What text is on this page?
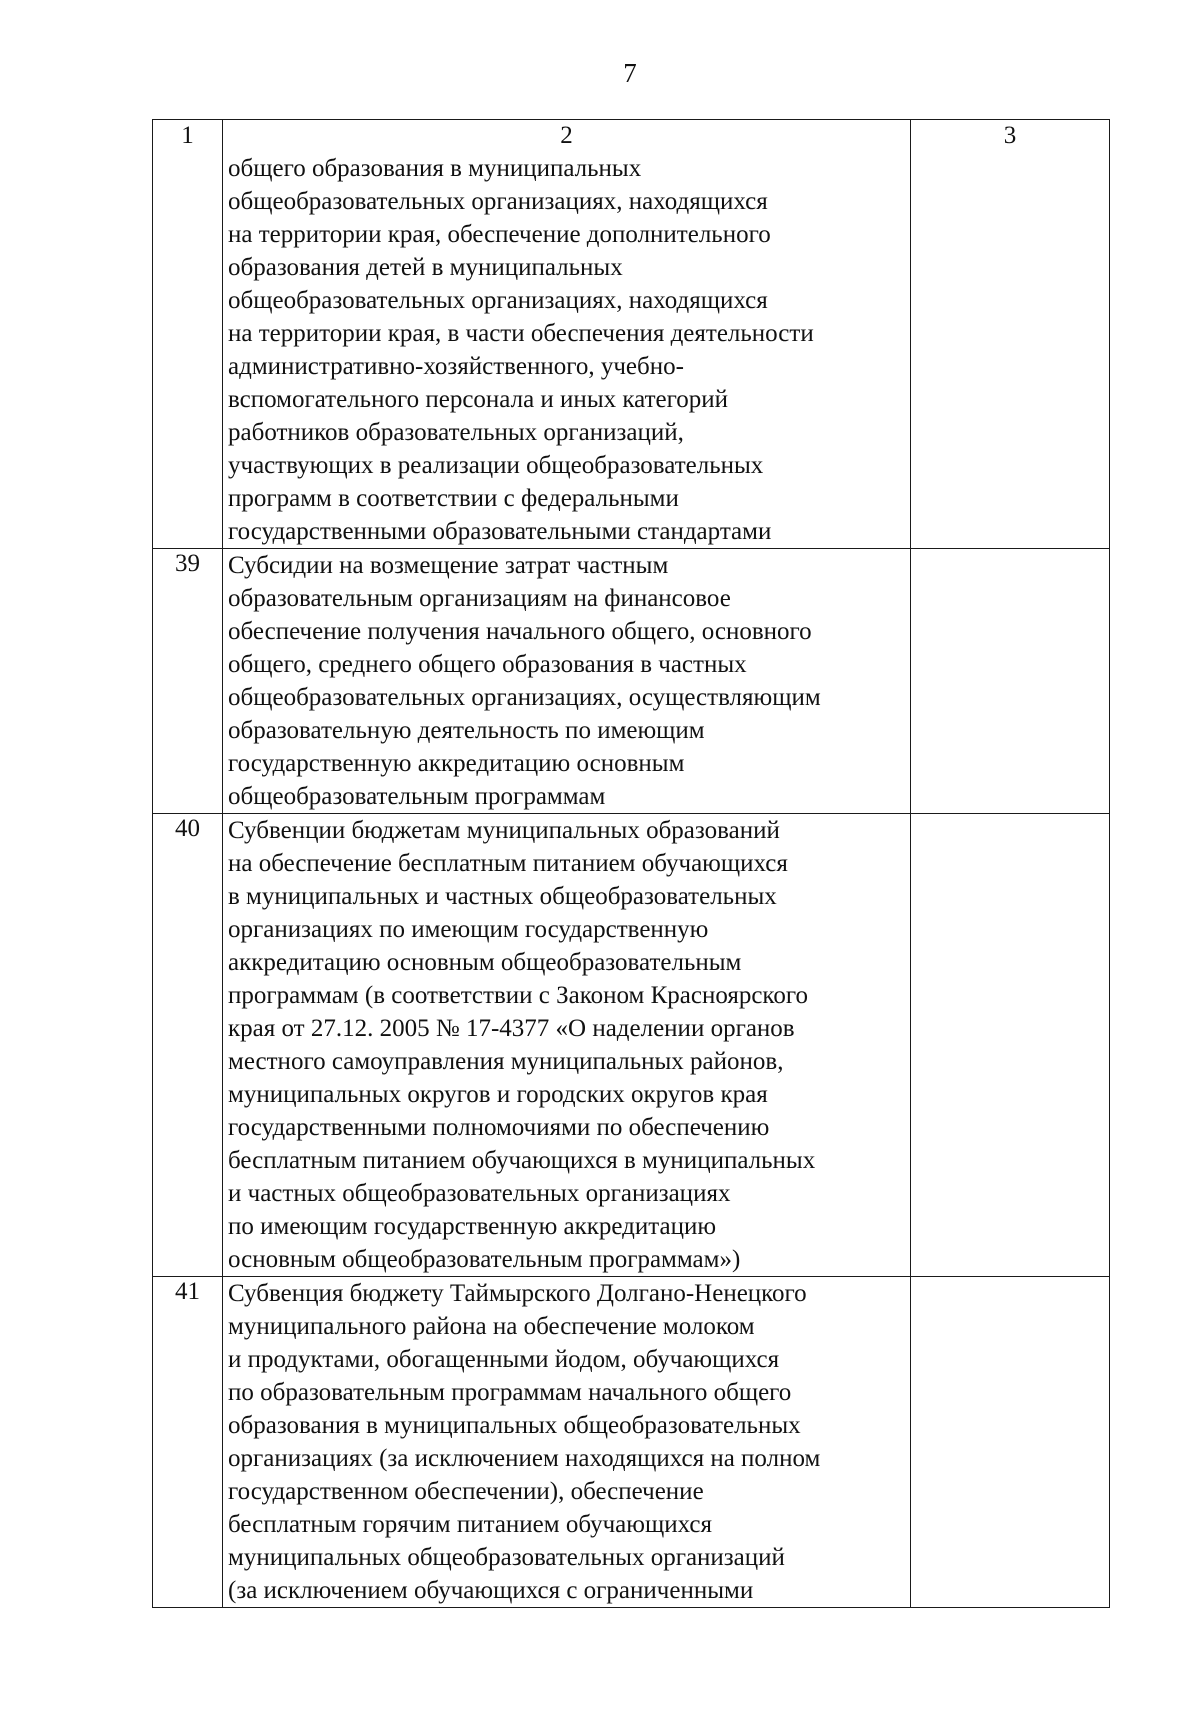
7
1	2	3
общего образования в муниципальных
общеобразовательных организациях, находящихся
на территории края, обеспечение дополнительного
образования детей в муниципальных
общеобразовательных организациях, находящихся
на территории края, в части обеспечения деятельности
административно-хозяйственного, учебно-
вспомогательного персонала и иных категорий
работников образовательных организаций,
участвующих в реализации общеобразовательных
программ в соответствии с федеральными
государственными образовательными стандартами
39	Субсидии на возмещение затрат частным
образовательным организациям на финансовое
обеспечение получения начального общего, основного
общего, среднего общего образования в частных
общеобразовательных организациях, осуществляющим
образовательную деятельность по имеющим
государственную аккредитацию основным
общеобразовательным программам
40	Субвенции бюджетам муниципальных образований
на обеспечение бесплатным питанием обучающихся
в муниципальных и частных общеобразовательных
организациях по имеющим государственную
аккредитацию основным общеобразовательным
программам (в соответствии с Законом Красноярского
края от 27.12. 2005 № 17-4377 «О наделении органов
местного самоуправления муниципальных районов,
муниципальных округов и городских округов края
государственными полномочиями по обеспечению
бесплатным питанием обучающихся в муниципальных
и частных общеобразовательных организациях
по имеющим государственную аккредитацию
основным общеобразовательным программам»)
41	Субвенция бюджету Таймырского Долгано-Ненецкого
муниципального района на обеспечение молоком
и продуктами, обогащенными йодом, обучающихся
по образовательным программам начального общего
образования в муниципальных общеобразовательных
организациях (за исключением находящихся на полном
государственном обеспечении), обеспечение
бесплатным горячим питанием обучающихся
муниципальных общеобразовательных организаций
(за исключением обучающихся с ограниченными
